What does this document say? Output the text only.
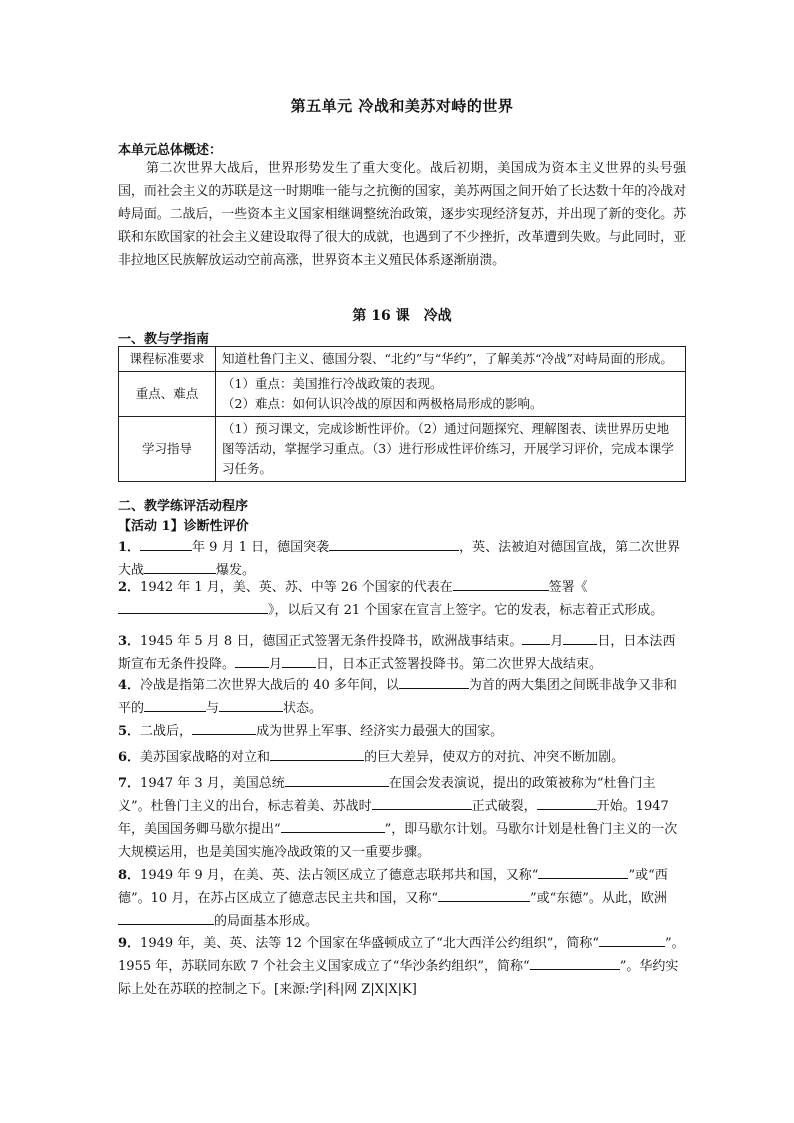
第五单元 冷战和美苏对峙的世界
本单元总体概述：
第二次世界大战后，世界形势发生了重大变化。战后初期，美国成为资本主义世界的头号强国，而社会主义的苏联是这一时期唯一能与之抗衡的国家，美苏两国之间开始了长达数十年的冷战对峙局面。二战后，一些资本主义国家相继调整统治政策，逐步实现经济复苏，并出现了新的变化。苏联和东欧国家的社会主义建设取得了很大的成就，也遇到了不少挫折，改革遭到失败。与此同时，亚非拉地区民族解放运动空前高涨，世界资本主义殖民体系逐渐崩溃。
第 16 课　冷战
一、教与学指南
课程标准要求	知道杜鲁门主义、德国分裂、“北约”与“华约”，了解美苏“冷战”对峙局面的形成。
重点、难点	（1）重点：美国推行冷战政策的表现。
（2）难点：如何认识冷战的原因和两极格局形成的影响。

学习指导	（1）预习课文，完成诊断性评价。（2）通过问题探究、理解图表、读世界历史地图等活动，掌握学习重点。（3）进行形成性评价练习，开展学习评价，完成本课学习任务。
二、教学练评活动程序
【活动 1】诊断性评价
1．	年 9 月 1 日，德国突袭	，英、法被迫对德国宣战，第二次世界大战	爆发。
2．1942 年 1 月，美、英、苏、中等 26 个国家的代表在	签署《》，以后又有 21 个国家在宣言上签字。它的发表，标志着正式形成。
3．1945 年 5 月 8 日，德国正式签署无条件投降书，欧洲战事结束。 月	日，日本法西斯宣布无条件投降。	月	日，日本正式签署投降书。第二次世界大战结束。
4．冷战是指第二次世界大战后的 40 多年间，以	为首的两大集团之间既非战争又非和平的	与	状态。
5．二战后，	成为世界上军事、经济实力最强大的国家。
6．美苏国家战略的对立和	的巨大差异，使双方的对抗、冲突不断加剧。
7．1947 年 3 月，美国总统	在国会发表演说，提出的政策被称为“杜鲁门主义”。杜鲁门主义的出台，标志着美、苏战时	正式破裂，	开始。1947 年，美国国务卿马歇尔提出“	”，即马歇尔计划。马歇尔计划是杜鲁门主义的一次大规模运用，也是美国实施冷战政策的又一重要步骤。
8．1949 年 9 月，在美、英、法占领区成立了德意志联邦共和国，又称“	”或“西德”。10 月，在苏占区成立了德意志民主共和国，又称“	”或“东德”。从此，欧洲的局面基本形成。
9．1949 年，美、英、法等 12 个国家在华盛顿成立了“北大西洋公约组织”，简称“	”。1955 年，苏联同东欧 7 个社会主义国家成立了“华沙条约组织”，简称“	”。华约实际上处在苏联的控制之下。[来源:学|科|网 Z|X|X|K]
